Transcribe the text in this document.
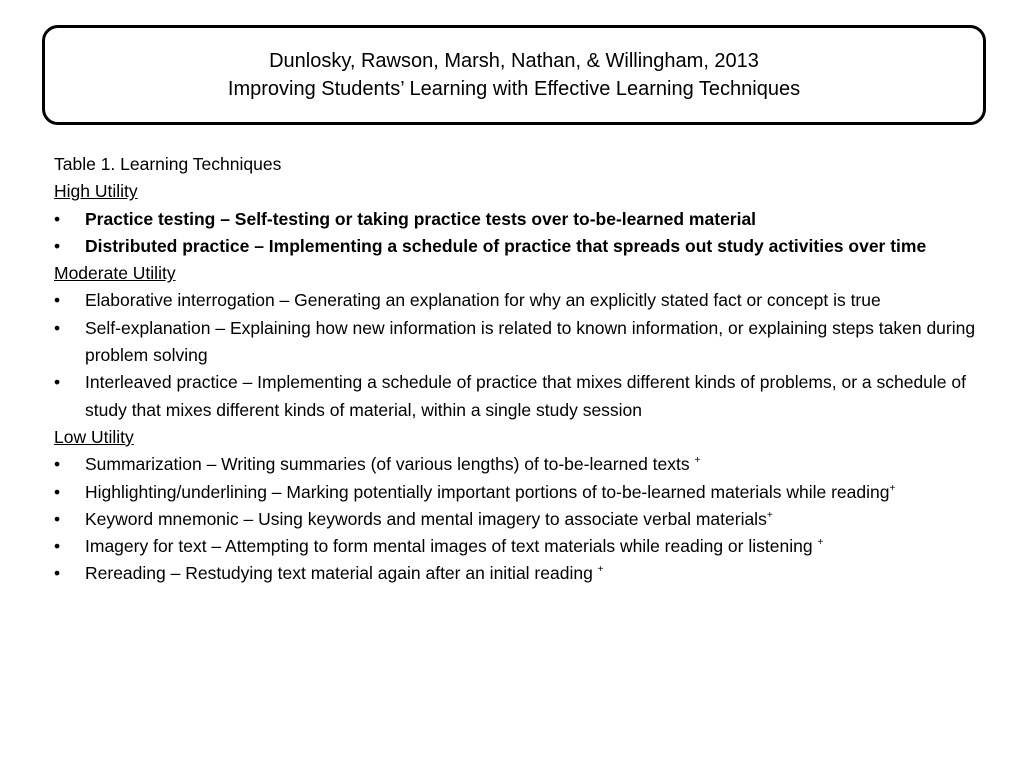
Dunlosky, Rawson, Marsh, Nathan, & Willingham, 2013
Improving Students’ Learning with Effective Learning Techniques
Table 1. Learning Techniques
High Utility
• Practice testing – Self-testing or taking practice tests over to-be-learned material
• Distributed practice – Implementing a schedule of practice that spreads out study activities over time
Moderate Utility
• Elaborative interrogation – Generating an explanation for why an explicitly stated fact or concept is true
• Self-explanation – Explaining how new information is related to known information, or explaining steps taken during problem solving
• Interleaved practice – Implementing a schedule of practice that mixes different kinds of problems, or a schedule of study that mixes different kinds of material, within a single study session
Low Utility
• Summarization – Writing summaries (of various lengths) of to-be-learned texts +
• Highlighting/underlining – Marking potentially important portions of to-be-learned materials while reading+
• Keyword mnemonic – Using keywords and mental imagery to associate verbal materials+
• Imagery for text – Attempting to form mental images of text materials while reading or listening +
• Rereading – Restudying text material again after an initial reading +
